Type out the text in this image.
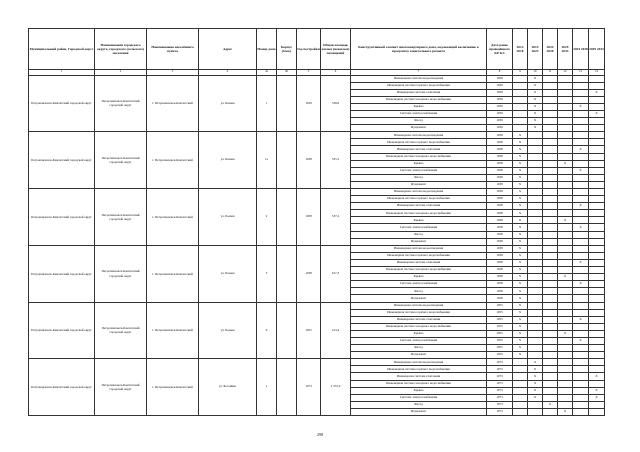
Муниципальный район, Городской округ	Наименование городского округа, городского (сельского) поселения	Наименование населённого пункта	Адрес	Номер дома	Корпус (блок)	Год постройки	Общая площадь жилых (нежилых) помещений	Конструктивный элемент многоквартирного дома, подлежащий включению в программу капитального ремонта	Дата ранее проведённого КР КЭ	2014 2018	2019 2023	2024 2028	2029 2033	2034 2038	2039 2043
1	2	3	4	4а	4б	5	6	7	8	9	10	11	12	13	14
Петропавловск-Камчатский городской округ	Петропавловск-Камчатский городской округ	г. Петропавловск-Камчатский	ул. Боевая	1		1939	538,6	Инженерная система водоотведения	1939		Х				
								Инженерная система горячего водоснабжения	1939		Х				
								Инженерная система отопления	1939		Х				Х
								Инженерная система холодного водоснабжения	1939		Х				
								Крыша	1939		Х			Х	
								Система электроснабжения	1939		Х				Х
								Фасад	1939		Х				
								Фундамент	1939		Х				
Петропавловск-Камчатский городской округ	Петропавловск-Камчатский городской округ	г. Петропавловск-Камчатский	ул. Боевая	1а		1938	535,3	Инженерная система водоотведения	1938	Х					
								Инженерная система горячего водоснабжения	1938	Х					
								Инженерная система отопления	1938	Х				Х	
								Инженерная система холодного водоснабжения	1938	Х					
								Крыша	1938	Х			Х		
								Система электроснабжения	1938	Х				Х	
								Фасад	1938	Х					
								Фундамент	1938	Х					
Петропавловск-Камчатский городской округ	Петропавловск-Камчатский городской округ	г. Петропавловск-Камчатский	ул. Боевая	2		1938	537,2	Инженерная система водоотведения	1938	Х					
								Инженерная система горячего водоснабжения	1938	Х					
								Инженерная система отопления	1938	Х				Х	
								Инженерная система холодного водоснабжения	1938	Х					
								Крыша	1938	Х			Х		
								Система электроснабжения	1938	Х				Х	
								Фасад	1938	Х					
								Фундамент	1938	Х					
Петропавловск-Камчатский городской округ	Петропавловск-Камчатский городской округ	г. Петропавловск-Камчатский	ул. Боевая	3		1938	617,3	Инженерная система водоотведения	1938	Х					
								Инженерная система горячего водоснабжения	1938	Х					
								Инженерная система отопления	1938	Х				Х	
								Инженерная система холодного водоснабжения	1938	Х					
								Крыша	1938	Х			Х		
								Система электроснабжения	1938	Х				Х	
								Фасад	1938	Х					
								Фундамент	1938	Х					
Петропавловск-Камчатский городской округ	Петропавловск-Камчатский городской округ	г. Петропавловск-Камчатский	ул. Боевая	9		1955	413,4	Инженерная система водоотведения	1955	Х					
								Инженерная система горячего водоснабжения	1955	Х					
								Инженерная система отопления	1955	Х				Х	
								Инженерная система холодного водоснабжения	1955	Х					
								Крыша	1955	Х			Х		
								Система электроснабжения	1955	Х				Х	
								Фасад	1955	Х					
								Фундамент	1955	Х					
Петропавловск-Камчатский городской округ	Петропавловск-Камчатский городской округ	г. Петропавловск-Камчатский	ул. Ботаника	1		1973	2 372,9	Инженерная система водоотведения	1973		Х				
								Инженерная система горячего водоснабжения	1973		Х				
								Инженерная система отопления	1973		Х				Х
								Инженерная система холодного водоснабжения	1973		Х				
								Крыша	1973		Х				Х
								Система электроснабжения	1973		Х				Х
								Фасад	1973			Х			
								Фундамент	1973				Х		
298
